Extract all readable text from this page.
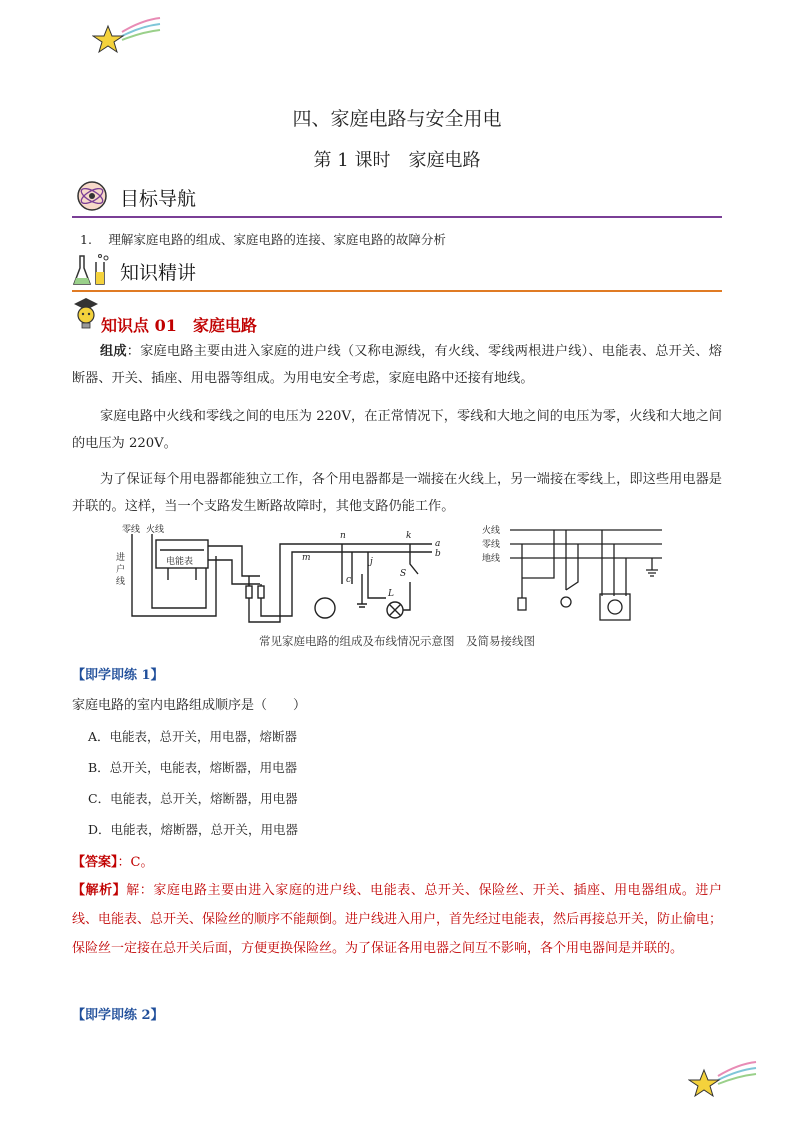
四、家庭电路与安全用电
第 1 课时　家庭电路
目标导航
1.　 理解家庭电路的组成、家庭电路的连接、家庭电路的故障分析
知识精讲
知识点 01　家庭电路
组成：家庭电路主要由进入家庭的进户线（又称电源线，有火线、零线两根进户线）、电能表、总开关、熔断器、开关、插座、用电器等组成。为用电安全考虑，家庭电路中还接有地线。
家庭电路中火线和零线之间的电压为 220V，在正常情况下，零线和大地之间的电压为零，火线和大地之间的电压为 220V。
为了保证每个用电器都能独立工作，各个用电器都是一端接在火线上，另一端接在零线上，即这些用电器是并联的。这样，当一个支路发生断路故障时，其他支路仍能工作。
零线 火线
进
户
线
电能表
n	k
a
b
m	j
c
S
L
火线
零线
地线
常见家庭电路的组成及布线情况示意图　及简易接线图
【即学即练 1】
家庭电路的室内电路组成顺序是（　　）
A．电能表，总开关，用电器，熔断器
B．总开关，电能表，熔断器，用电器
C．电能表，总开关，熔断器，用电器
D．电能表，熔断器，总开关，用电器
【答案】：C。
【解析】解：家庭电路主要由进入家庭的进户线、电能表、总开关、保险丝、开关、插座、用电器组成。进户线、电能表、总开关、保险丝的顺序不能颠倒。进户线进入用户，首先经过电能表，然后再接总开关，防止偷电；保险丝一定接在总开关后面，方便更换保险丝。为了保证各用电器之间互不影响，各个用电器间是并联的。
【即学即练 2】
